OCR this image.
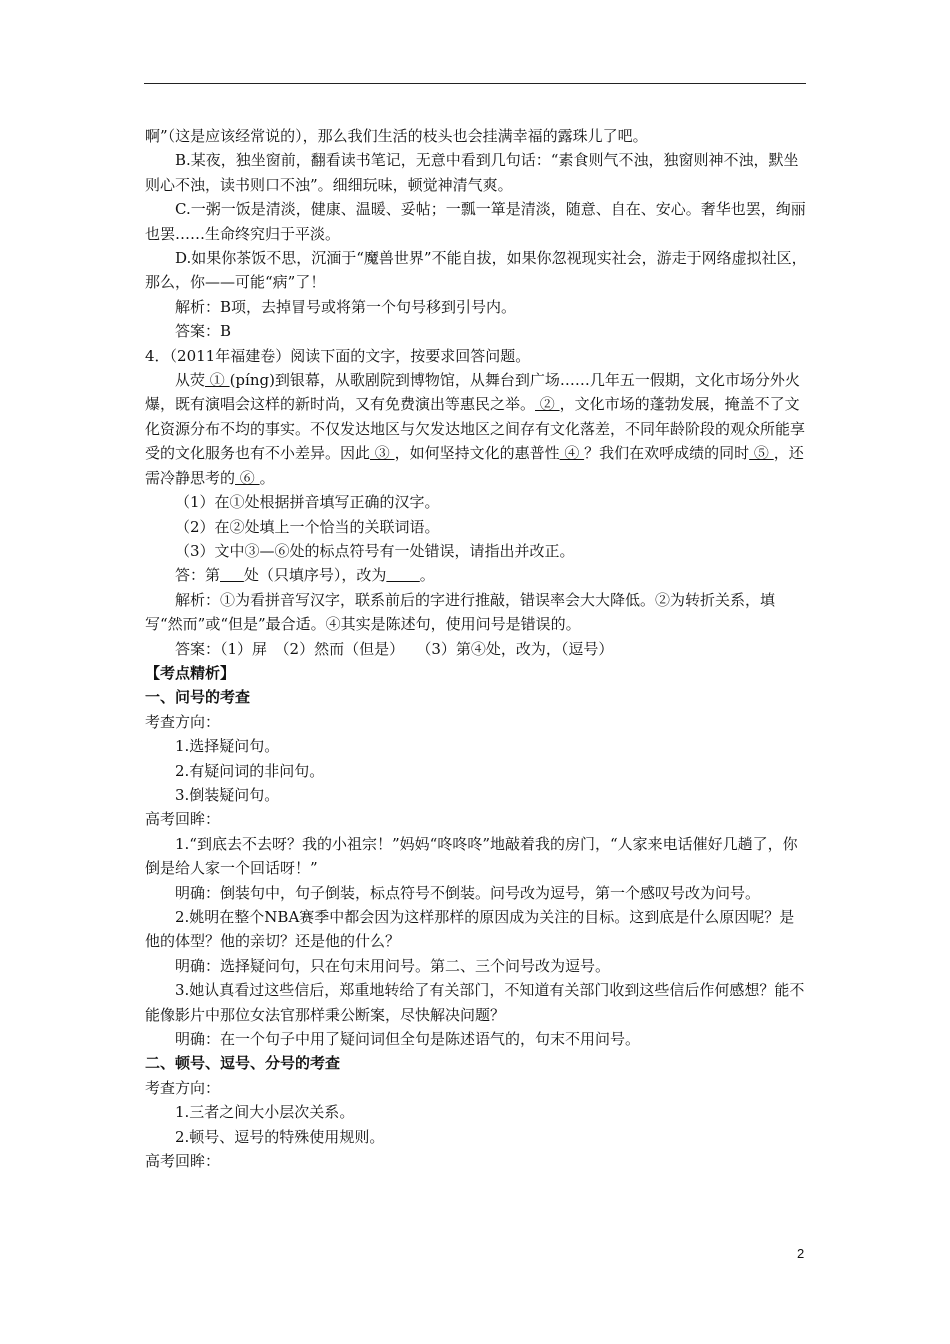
啊”（这是应该经常说的），那么我们生活的枝头也会挂满幸福的露珠儿了吧。

B.某夜，独坐窗前，翻看读书笔记，无意中看到几句话：“素食则气不浊，独窗则神不浊，默坐则心不浊，读书则口不浊”。细细玩味，顿觉神清气爽。

C.一粥一饭是清淡，健康、温暖、妥帖；一瓢一箪是清淡，随意、自在、安心。奢华也罢，绚丽也罢……生命终究归于平淡。

D.如果你茶饭不思，沉湎于“魔兽世界”不能自拔，如果你忽视现实社会，游走于网络虚拟社区，那么，你——可能“病”了！

解析：B项，去掉冒号或将第一个句号移到引号内。

答案：B

4．（2011年福建卷）阅读下面的文字，按要求回答问题。

从荧 ① (píng)到银幕，从歌剧院到博物馆，从舞台到广场……几年五一假期，文化市场分外火爆，既有演唱会这样的新时尚，又有免费演出等惠民之举。 ② ，文化市场的蓬勃发展，掩盖不了文化资源分布不均的事实。不仅发达地区与欠发达地区之间存有文化落差，不同年龄阶段的观众所能享受的文化服务也有不小差异。因此 ③ ，如何坚持文化的惠普性 ④ ？我们在欢呼成绩的同时 ⑤ ，还需冷静思考的 ⑥ 。

（1）在①处根据拼音填写正确的汉字。

（2）在②处填上一个恰当的关联词语。

（3）文中③—⑥处的标点符号有一处错误，请指出并改正。

答：第 处（只填序号），改为 。

解析：①为看拼音写汉字，联系前后的字进行推敲，错误率会大大降低。②为转折关系，填写“然而”或“但是”最合适。④其实是陈述句，使用问号是错误的。

答案：（1）屏　（2）然而（但是）　 （3）第④处，改为，（逗号）

【考点精析】

一、问号的考查

考查方向：

1.选择疑问句。

2.有疑问词的非问句。

3.倒装疑问句。

高考回眸：

1.“到底去不去呀？我的小祖宗！”妈妈“咚咚咚”地敲着我的房门，“人家来电话催好几趟了，你倒是给人家一个回话呀！”

明确：倒装句中，句子倒装，标点符号不倒装。问号改为逗号，第一个感叹号改为问号。

2.姚明在整个NBA赛季中都会因为这样那样的原因成为关注的目标。这到底是什么原因呢？是他的体型？他的亲切？还是他的什么？

明确：选择疑问句，只在句末用问号。第二、三个问号改为逗号。

3.她认真看过这些信后，郑重地转给了有关部门，不知道有关部门收到这些信后作何感想？能不能像影片中那位女法官那样秉公断案，尽快解决问题？

明确：在一个句子中用了疑问词但全句是陈述语气的，句末不用问号。

二、顿号、逗号、分号的考查

考查方向：

1.三者之间大小层次关系。

2.顿号、逗号的特殊使用规则。

高考回眸：

2
